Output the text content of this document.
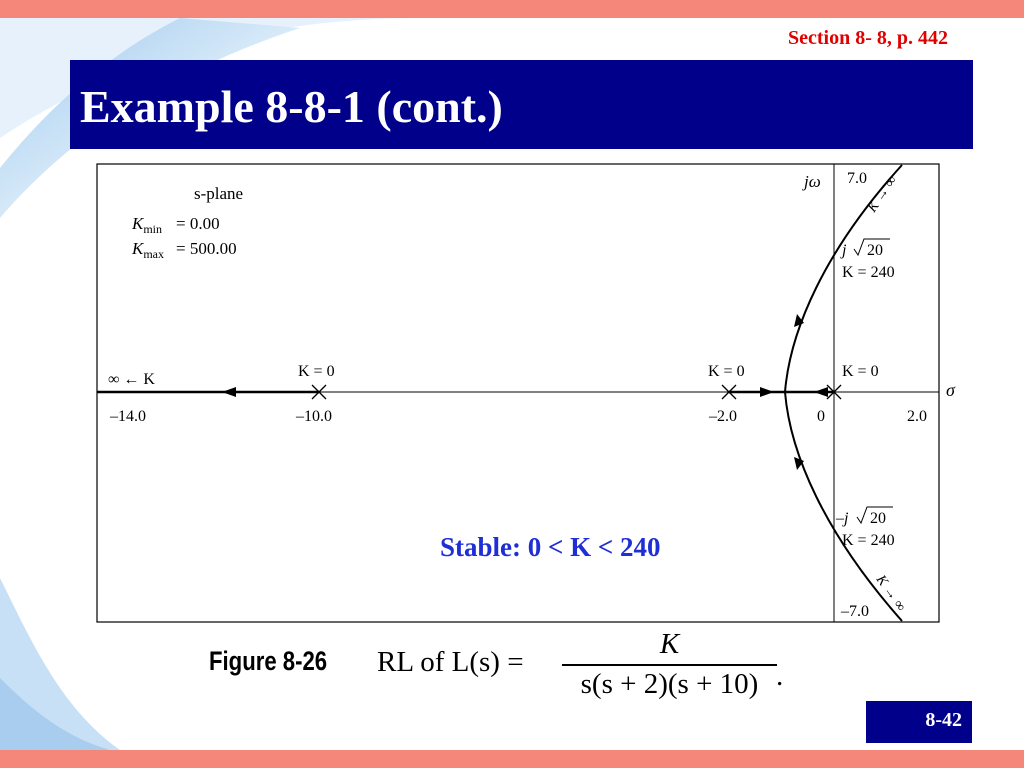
Section 8- 8, p. 442
Example 8-8-1 (cont.)
s-plane
$K_{min} = 0.00$
$K_{max} = 500.00$
jω
σ
–14.0	–10.0	–2.0	0	2.0
7.0
–7.0
K = 0	K = 0	K = 0
∞ ← K
j 20
K = 240
–j 20
K = 240
K → ∞
K → ∞
Stable: 0 < K < 240
Figure 8-26 RL of L(s) =
K
s(s + 2)(s + 10) .
8-42
